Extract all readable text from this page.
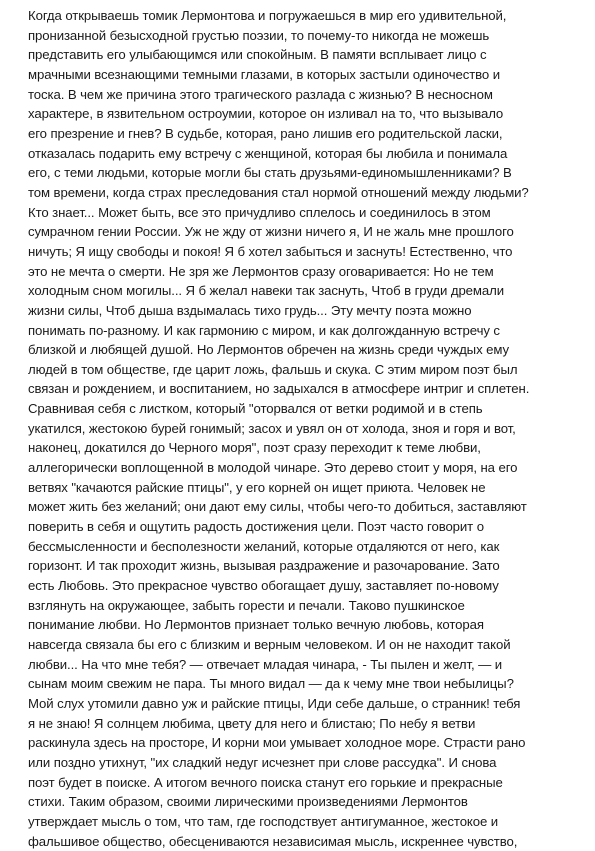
Когда открываешь томик Лермонтова и погружаешься в мир его удивительной,
пронизанной безысходной грустью поэзии, то почему-то никогда не можешь
представить его улыбающимся или спокойным. В памяти всплывает лицо с
мрачными всезнающими темными глазами, в которых застыли одиночество и
тоска. В чем же причина этого трагического разлада с жизнью? В несносном
характере, в язвительном остроумии, которое он изливал на то, что вызывало
его презрение и гнев? В судьбе, которая, рано лишив его родительской ласки,
отказалась подарить ему встречу с женщиной, которая бы любила и понимала
его, с теми людьми, которые могли бы стать друзьями-единомышленниками? В
том времени, когда страх преследования стал нормой отношений между людьми?
Кто знает... Может быть, все это причудливо сплелось и соединилось в этом
сумрачном гении России. Уж не жду от жизни ничего я, И не жаль мне прошлого
ничуть; Я ищу свободы и покоя! Я б хотел забыться и заснуть! Естественно, что
это не мечта о смерти. Не зря же Лермонтов сразу оговаривается: Но не тем
холодным сном могилы... Я б желал навеки так заснуть, Чтоб в груди дремали
жизни силы, Чтоб дыша вздымалась тихо грудь... Эту мечту поэта можно
понимать по-разному. И как гармонию с миром, и как долгожданную встречу с
близкой и любящей душой. Но Лермонтов обречен на жизнь среди чуждых ему
людей в том обществе, где царит ложь, фальшь и скука. С этим миром поэт был
связан и рождением, и воспитанием, но задыхался в атмосфере интриг и сплетен.
Сравнивая себя с листком, который "оторвался от ветки родимой и в степь
укатился, жестокою бурей гонимый; засох и увял он от холода, зноя и горя и вот,
наконец, докатился до Черного моря", поэт сразу переходит к теме любви,
аллегорически воплощенной в молодой чинаре. Это дерево стоит у моря, на его
ветвях "качаются райские птицы", у его корней он ищет приюта. Человек не
может жить без желаний; они дают ему силы, чтобы чего-то добиться, заставляют
поверить в себя и ощутить радость достижения цели. Поэт часто говорит о
бессмысленности и бесполезности желаний, которые отдаляются от него, как
горизонт. И так проходит жизнь, вызывая раздражение и разочарование. Зато
есть Любовь. Это прекрасное чувство обогащает душу, заставляет по-новому
взглянуть на окружающее, забыть горести и печали. Таково пушкинское
понимание любви. Но Лермонтов признает только вечную любовь, которая
навсегда связала бы его с близким и верным человеком. И он не находит такой
любви... На что мне тебя? — отвечает младая чинара, - Ты пылен и желт, — и
сынам моим свежим не пара. Ты много видал — да к чему мне твои небылицы?
Мой слух утомили давно уж и райские птицы, Иди себе дальше, о странник! тебя
я не знаю! Я солнцем любима, цвету для него и блистаю; По небу я ветви
раскинула здесь на просторе, И корни мои умывает холодное море. Страсти рано
или поздно утихнут, "их сладкий недуг исчезнет при слове рассудка". И снова
поэт будет в поиске. А итогом вечного поиска станут его горькие и прекрасные
стихи. Таким образом, своими лирическими произведениями Лермонтов
утверждает мысль о том, что там, где господствует антигуманное, жестокое и
фальшивое общество, обесцениваются независимая мысль, искреннее чувство,
